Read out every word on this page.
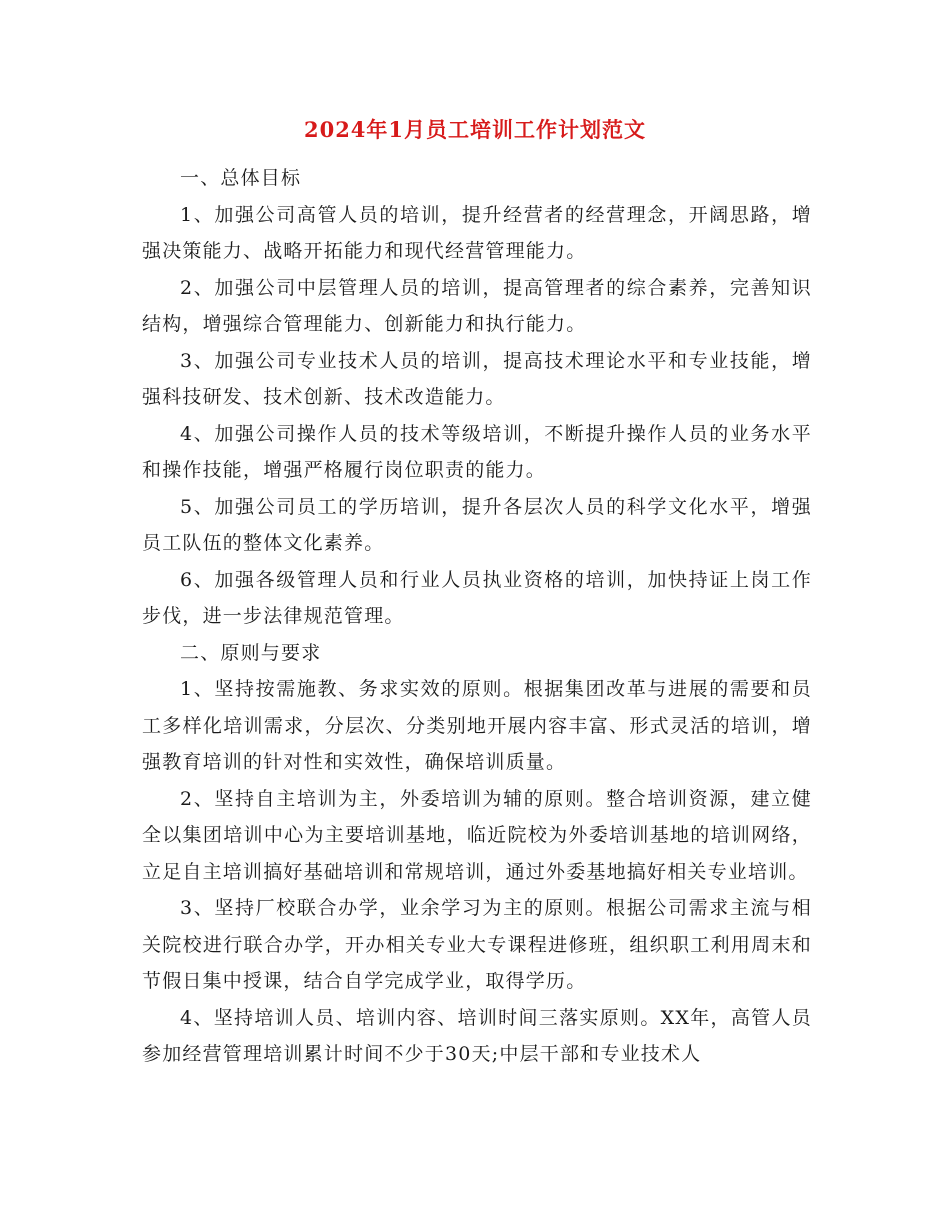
2024年1月员工培训工作计划范文

一、总体目标

1、加强公司高管人员的培训，提升经营者的经营理念，开阔思路，增强决策能力、战略开拓能力和现代经营管理能力。

2、加强公司中层管理人员的培训，提高管理者的综合素养，完善知识结构，增强综合管理能力、创新能力和执行能力。

3、加强公司专业技术人员的培训，提高技术理论水平和专业技能，增强科技研发、技术创新、技术改造能力。

4、加强公司操作人员的技术等级培训，不断提升操作人员的业务水平和操作技能，增强严格履行岗位职责的能力。

5、加强公司员工的学历培训，提升各层次人员的科学文化水平，增强员工队伍的整体文化素养。

6、加强各级管理人员和行业人员执业资格的培训，加快持证上岗工作步伐，进一步法律规范管理。

二、原则与要求

1、坚持按需施教、务求实效的原则。根据集团改革与进展的需要和员工多样化培训需求，分层次、分类别地开展内容丰富、形式灵活的培训，增强教育培训的针对性和实效性，确保培训质量。

2、坚持自主培训为主，外委培训为辅的原则。整合培训资源，建立健全以集团培训中心为主要培训基地，临近院校为外委培训基地的培训网络，立足自主培训搞好基础培训和常规培训，通过外委基地搞好相关专业培训。

3、坚持厂校联合办学，业余学习为主的原则。根据公司需求主流与相关院校进行联合办学，开办相关专业大专课程进修班，组织职工利用周末和节假日集中授课，结合自学完成学业，取得学历。

4、坚持培训人员、培训内容、培训时间三落实原则。XX年，高管人员参加经营管理培训累计时间不少于30天;中层干部和专业技术人
